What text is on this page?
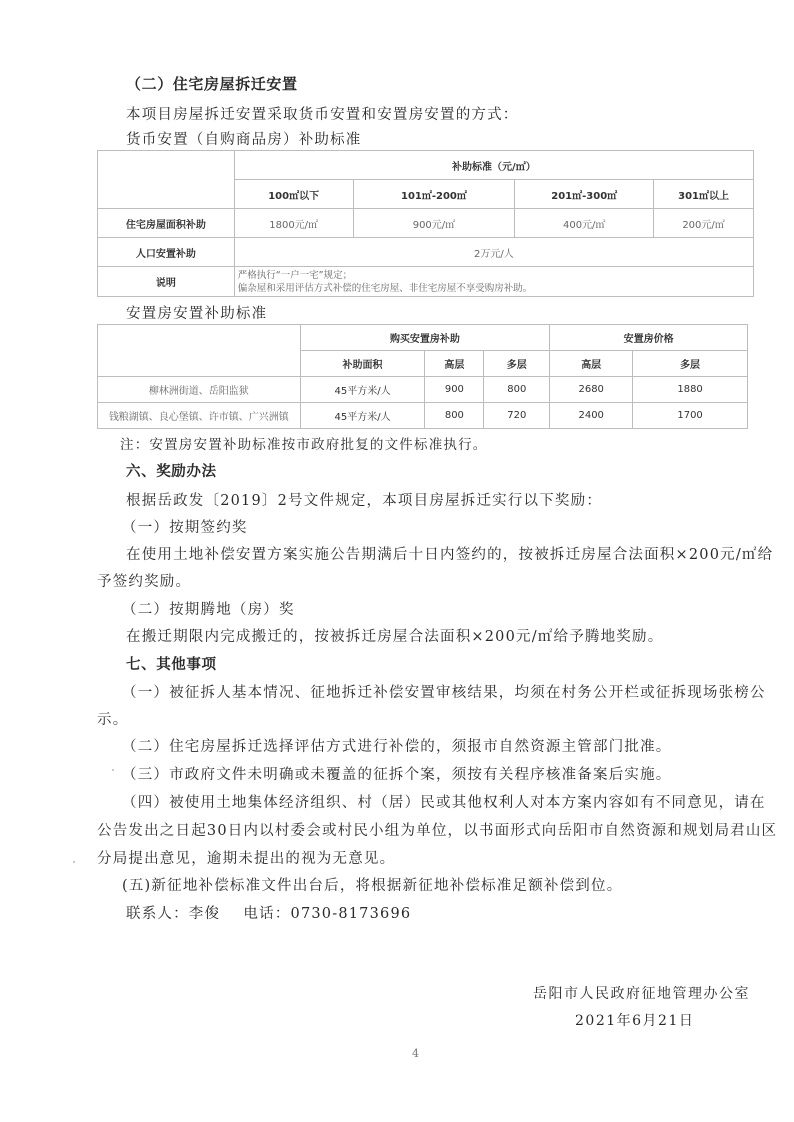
（二）住宅房屋拆迁安置
本项目房屋拆迁安置采取货币安置和安置房安置的方式：
货币安置（自购商品房）补助标准
	补助标准（元/㎡）			
	100㎡以下	101㎡-200㎡	201㎡-300㎡	301㎡以上
住宅房屋面积补助	1800元/㎡	900元/㎡	400元/㎡	200元/㎡
人口安置补助	2万元/人			
说明	严格执行“一户一宅”规定；
偏杂屋和采用评估方式补偿的住宅房屋、非住宅房屋不享受购房补助。			
安置房安置补助标准
	购买安置房补助			安置房价格	
	补助面积	高层	多层	高层	多层
柳林洲街道、岳阳监狱	45平方米/人	900	800	2680	1880
钱粮湖镇、良心堡镇、许市镇、广兴洲镇	45平方米/人	800	720	2400	1700
注：安置房安置补助标准按市政府批复的文件标准执行。
六、奖励办法
根据岳政发〔2019〕2号文件规定，本项目房屋拆迁实行以下奖励：
（一）按期签约奖
在使用土地补偿安置方案实施公告期满后十日内签约的，按被拆迁房屋合法面积×200元/㎡给
予签约奖励。
（二）按期腾地（房）奖
在搬迁期限内完成搬迁的，按被拆迁房屋合法面积×200元/㎡给予腾地奖励。
七、其他事项
（一）被征拆人基本情况、征地拆迁补偿安置审核结果，均须在村务公开栏或征拆现场张榜公
示。
（二）住宅房屋拆迁选择评估方式进行补偿的，须报市自然资源主管部门批准。
（三）市政府文件未明确或未覆盖的征拆个案，须按有关程序核准备案后实施。
（四）被使用土地集体经济组织、村（居）民或其他权利人对本方案内容如有不同意见，请在
公告发出之日起30日内以村委会或村民小组为单位，以书面形式向岳阳市自然资源和规划局君山区
分局提出意见，逾期未提出的视为无意见。
(五)新征地补偿标准文件出台后，将根据新征地补偿标准足额补偿到位。
联系人：李俊    电话：0730-8173696
岳阳市人民政府征地管理办公室
2021年6月21日
4
